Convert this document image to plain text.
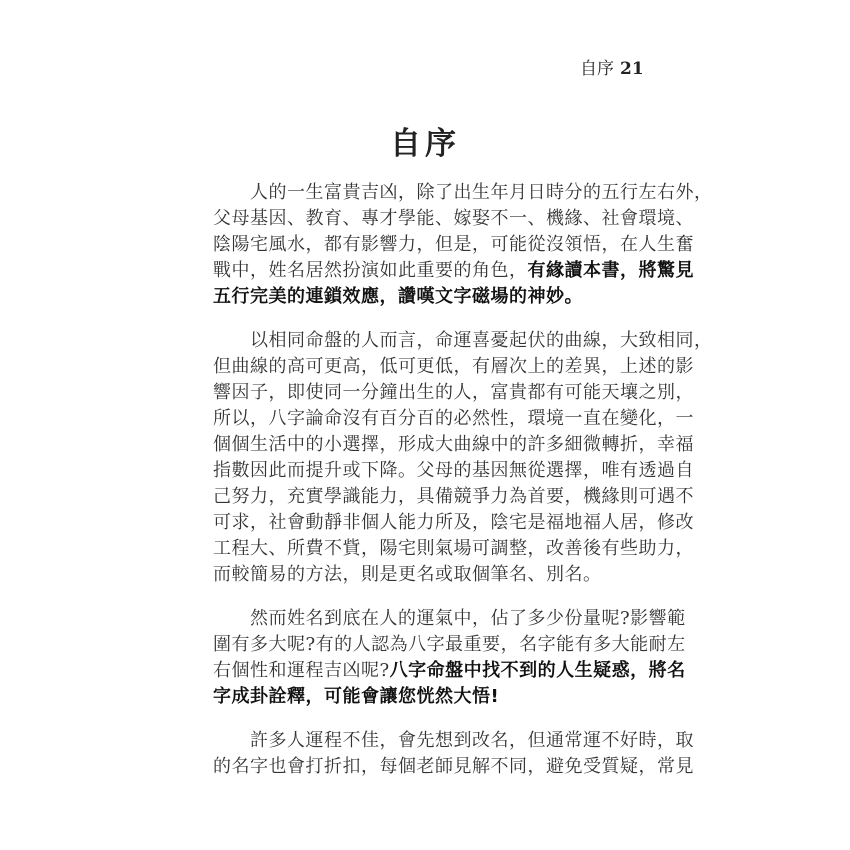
自序 21
自序
　　人的一生富貴吉凶，除了出生年月日時分的五行左右外，
父母基因、教育、專才學能、嫁娶不一、機緣、社會環境、
陰陽宅風水，都有影響力，但是，可能從沒領悟，在人生奮
戰中，姓名居然扮演如此重要的角色，有緣讀本書，將驚見
五行完美的連鎖效應，讚嘆文字磁場的神妙。
　　以相同命盤的人而言，命運喜憂起伏的曲線，大致相同，
但曲線的高可更高，低可更低，有層次上的差異，上述的影
響因子，即使同一分鐘出生的人，富貴都有可能天壤之別，
所以，八字論命沒有百分百的必然性，環境一直在變化，一
個個生活中的小選擇，形成大曲線中的許多細微轉折，幸福
指數因此而提升或下降。父母的基因無從選擇，唯有透過自
己努力，充實學識能力，具備競爭力為首要，機緣則可遇不
可求，社會動靜非個人能力所及，陰宅是福地福人居，修改
工程大、所費不貲，陽宅則氣場可調整，改善後有些助力，
而較簡易的方法，則是更名或取個筆名、別名。
　　然而姓名到底在人的運氣中，佔了多少份量呢?影響範
圍有多大呢?有的人認為八字最重要，名字能有多大能耐左
右個性和運程吉凶呢?八字命盤中找不到的人生疑惑，將名
字成卦詮釋，可能會讓您恍然大悟!
　　許多人運程不佳，會先想到改名，但通常運不好時，取
的名字也會打折扣，每個老師見解不同，避免受質疑，常見
